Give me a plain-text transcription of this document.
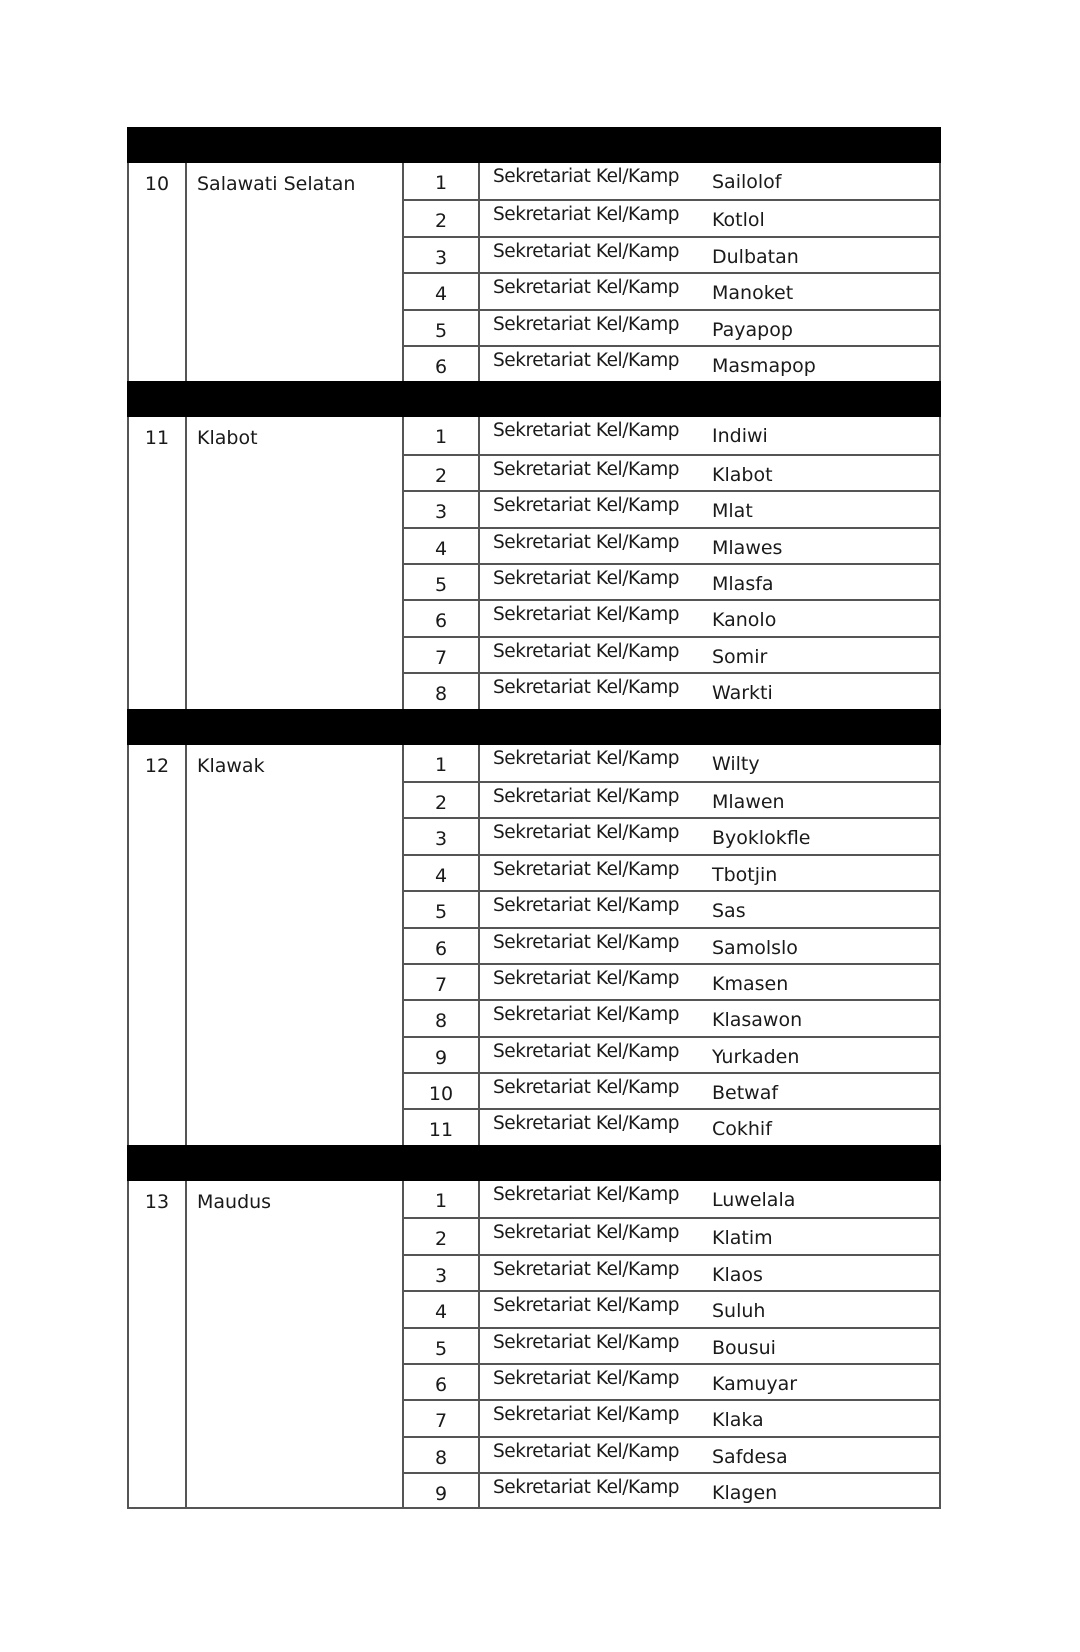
10	Salawati Selatan	1	Sekretariat Kel/Kamp Sailolof
2	Sekretariat Kel/Kamp Kotlol
3	Sekretariat Kel/Kamp Dulbatan
4	Sekretariat Kel/Kamp Manoket
5	Sekretariat Kel/Kamp Payapop
6	Sekretariat Kel/Kamp Masmapop
11	Klabot	1	Sekretariat Kel/Kamp Indiwi
2	Sekretariat Kel/Kamp Klabot
3	Sekretariat Kel/Kamp Mlat
4	Sekretariat Kel/Kamp Mlawes
5	Sekretariat Kel/Kamp Mlasfa
6	Sekretariat Kel/Kamp Kanolo
7	Sekretariat Kel/Kamp Somir
8	Sekretariat Kel/Kamp Warkti
12	Klawak	1	Sekretariat Kel/Kamp Wilty
2	Sekretariat Kel/Kamp Mlawen
3	Sekretariat Kel/Kamp Byoklokfle
4	Sekretariat Kel/Kamp Tbotjin
5	Sekretariat Kel/Kamp Sas
6	Sekretariat Kel/Kamp Samolslo
7	Sekretariat Kel/Kamp Kmasen
8	Sekretariat Kel/Kamp Klasawon
9	Sekretariat Kel/Kamp Yurkaden
10	Sekretariat Kel/Kamp Betwaf
11	Sekretariat Kel/Kamp Cokhif
13	Maudus	1	Sekretariat Kel/Kamp Luwelala
2	Sekretariat Kel/Kamp Klatim
3	Sekretariat Kel/Kamp Klaos
4	Sekretariat Kel/Kamp Suluh
5	Sekretariat Kel/Kamp Bousui
6	Sekretariat Kel/Kamp Kamuyar
7	Sekretariat Kel/Kamp Klaka
8	Sekretariat Kel/Kamp Safdesa
9	Sekretariat Kel/Kamp Klagen
